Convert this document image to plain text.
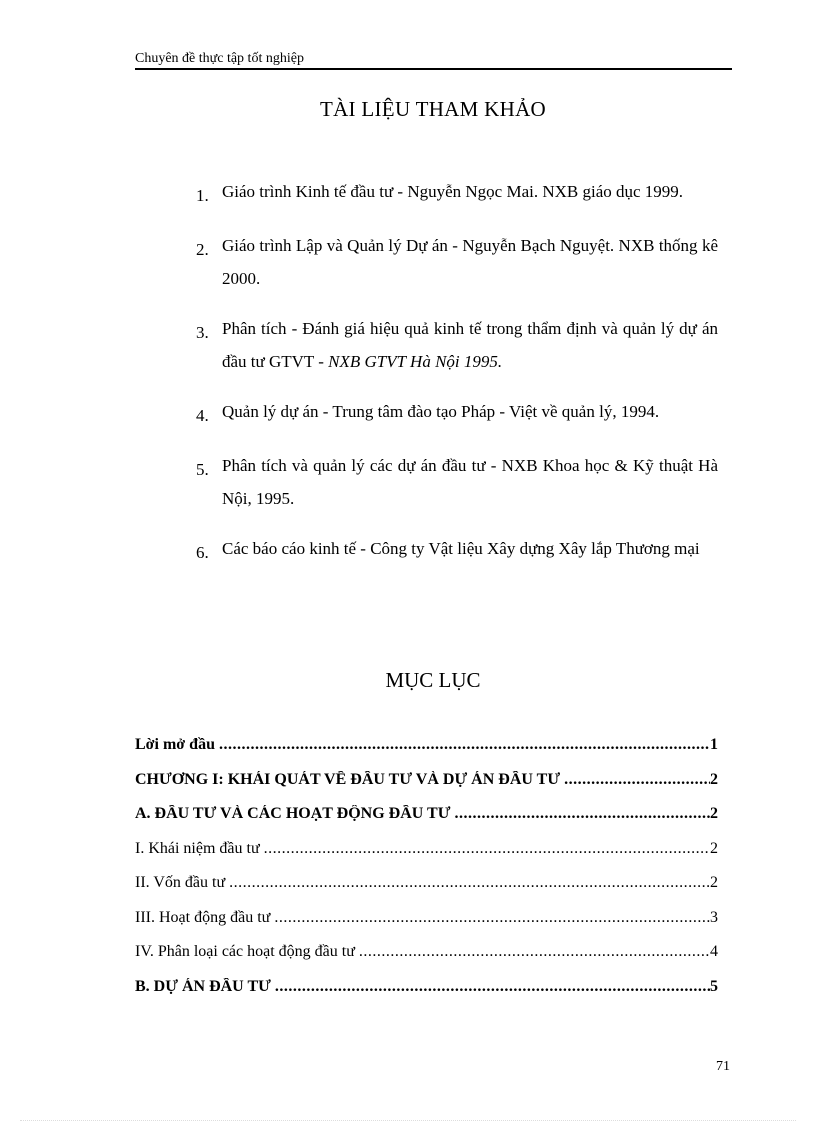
Chuyên đề thực tập tốt nghiệp
TÀI LIỆU THAM KHẢO
1. Giáo trình Kinh tế đầu tư - Nguyễn Ngọc Mai. NXB giáo dục 1999.
2. Giáo trình Lập và Quản lý Dự án - Nguyễn Bạch Nguyệt. NXB thống kê 2000.
3. Phân tích - Đánh giá hiệu quả kinh tế trong thẩm định và quản lý dự án đầu tư GTVT - NXB GTVT Hà Nội 1995.
4. Quản lý dự án - Trung tâm đào tạo Pháp - Việt về quản lý, 1994.
5. Phân tích và quản lý các dự án đầu tư - NXB Khoa học & Kỹ thuật Hà Nội, 1995.
6. Các báo cáo kinh tế - Công ty Vật liệu Xây dựng Xây lắp Thương mại
MỤC LỤC
Lời mở đầu .....	1
CHƯƠNG I: KHÁI QUÁT VỀ ĐẦU TƯ VÀ DỰ ÁN ĐẦU TƯ .....	2
A. ĐẦU TƯ VÀ CÁC HOẠT ĐỘNG ĐẦU TƯ .....	2
I. Khái niệm đầu tư .....	2
II. Vốn đầu tư .....	2
III. Hoạt động đầu tư .....	3
IV. Phân loại các hoạt động đầu tư .....	4
B. DỰ ÁN ĐẦU TƯ .....	5
71
